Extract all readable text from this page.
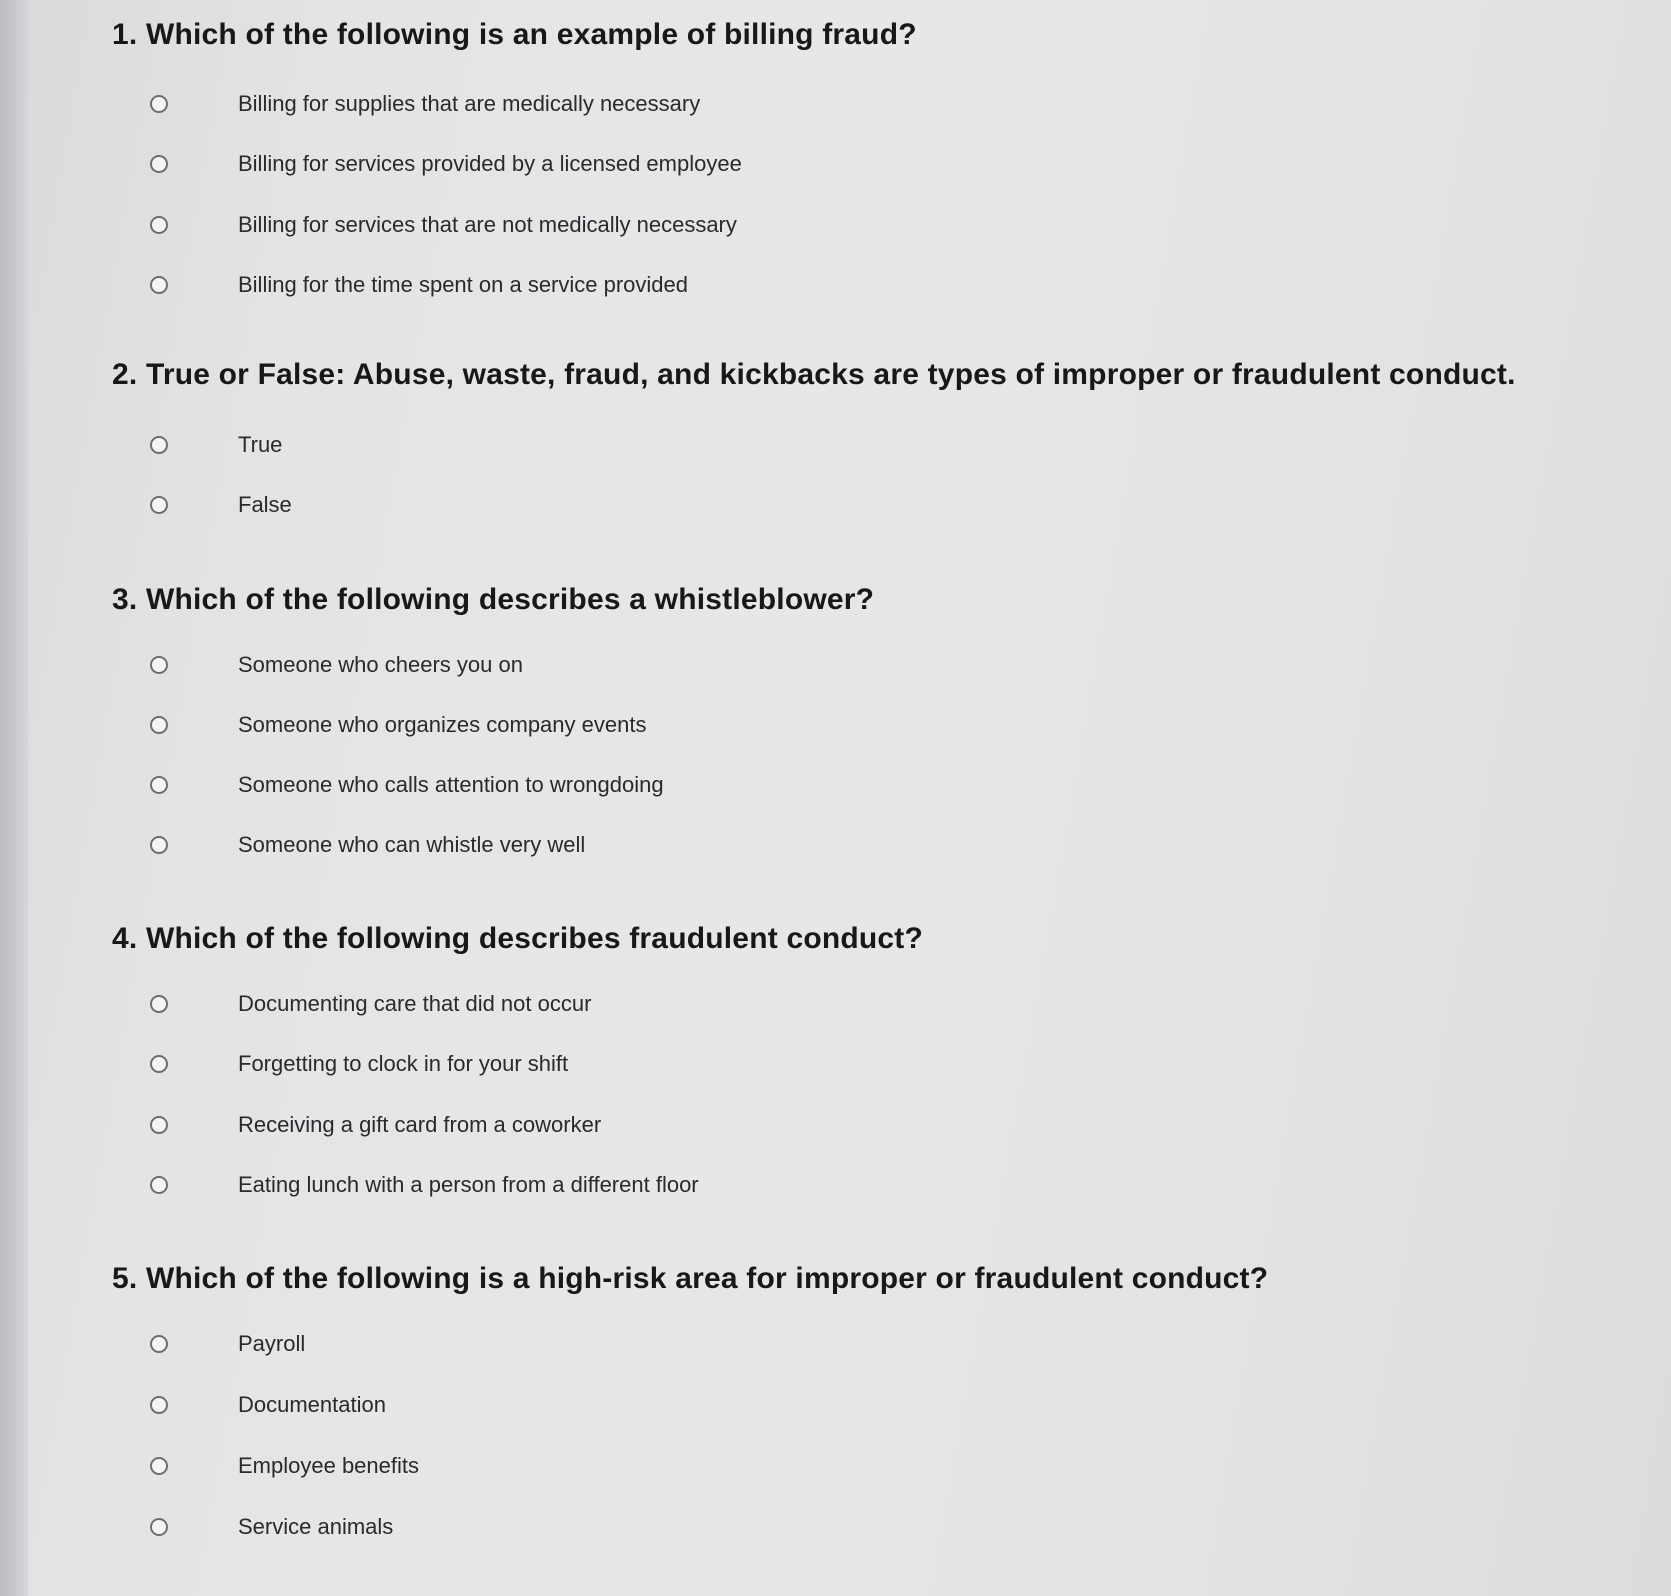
1. Which of the following is an example of billing fraud?
Billing for supplies that are medically necessary
Billing for services provided by a licensed employee
Billing for services that are not medically necessary
Billing for the time spent on a service provided
2. True or False: Abuse, waste, fraud, and kickbacks are types of improper or fraudulent conduct.
True
False
3. Which of the following describes a whistleblower?
Someone who cheers you on
Someone who organizes company events
Someone who calls attention to wrongdoing
Someone who can whistle very well
4. Which of the following describes fraudulent conduct?
Documenting care that did not occur
Forgetting to clock in for your shift
Receiving a gift card from a coworker
Eating lunch with a person from a different floor
5. Which of the following is a high-risk area for improper or fraudulent conduct?
Payroll
Documentation
Employee benefits
Service animals
